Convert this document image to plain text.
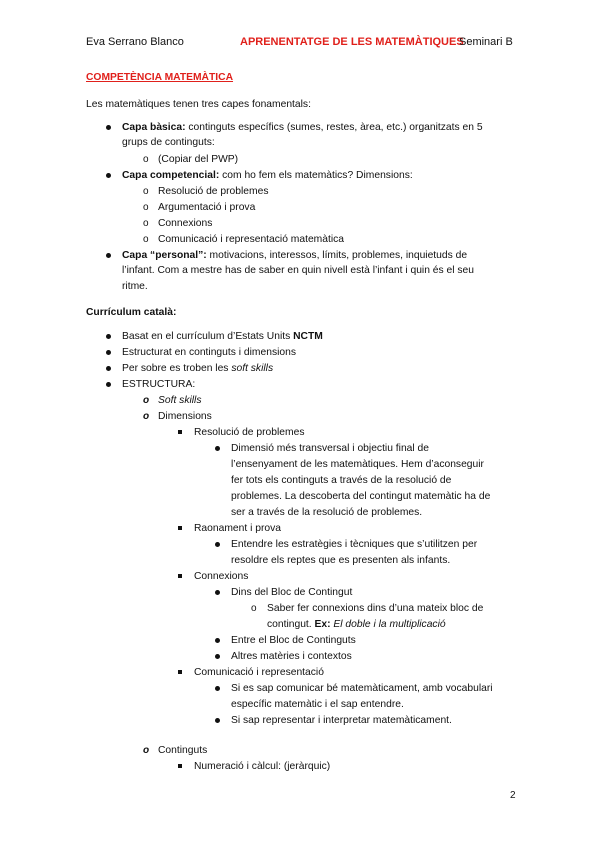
Eva Serrano Blanco	APRENENTATGE DE LES MATEMÀTIQUES
Seminari B
COMPETÈNCIA MATEMÀTICA
Les matemàtiques tenen tres capes fonamentals:
Capa bàsica: continguts específics (sumes, restes, àrea, etc.) organitzats en 5
grups de continguts:
o (Copiar del PWP)
Capa competencial: com ho fem els matemàtics? Dimensions:
o Resolució de problemes
o Argumentació i prova
o Connexions
o Comunicació i representació matemàtica
Capa “personal”: motivacions, interessos, límits, problemes, inquietuds de
l’infant. Com a mestre has de saber en quin nivell està l’infant i quin és el seu
ritme.
Currículum català:
Basat en el currículum d’Estats Units NCTM
Estructurat en continguts i dimensions
Per sobre es troben les soft skills
ESTRUCTURA:
o Soft skills
o Dimensions
Resolució de problemes
Dimensió més transversal i objectiu final de
l’ensenyament de les matemàtiques. Hem d’aconseguir
fer tots els continguts a través de la resolució de
problemes. La descoberta del contingut matemàtic ha de
ser a través de la resolució de problemes.
Raonament i prova
Entendre les estratègies i tècniques que s’utilitzen per
resoldre els reptes que es presenten als infants.
Connexions
Dins del Bloc de Contingut
o Saber fer connexions dins d’una mateix bloc de
contingut. Ex: El doble i la multiplicació
Entre el Bloc de Continguts
Altres matèries i contextos
Comunicació i representació
Si es sap comunicar bé matemàticament, amb vocabulari
específic matemàtic i el sap entendre.
Si sap representar i interpretar matemàticament.
o Continguts
Numeració i càlcul: (jeràrquic)
2
